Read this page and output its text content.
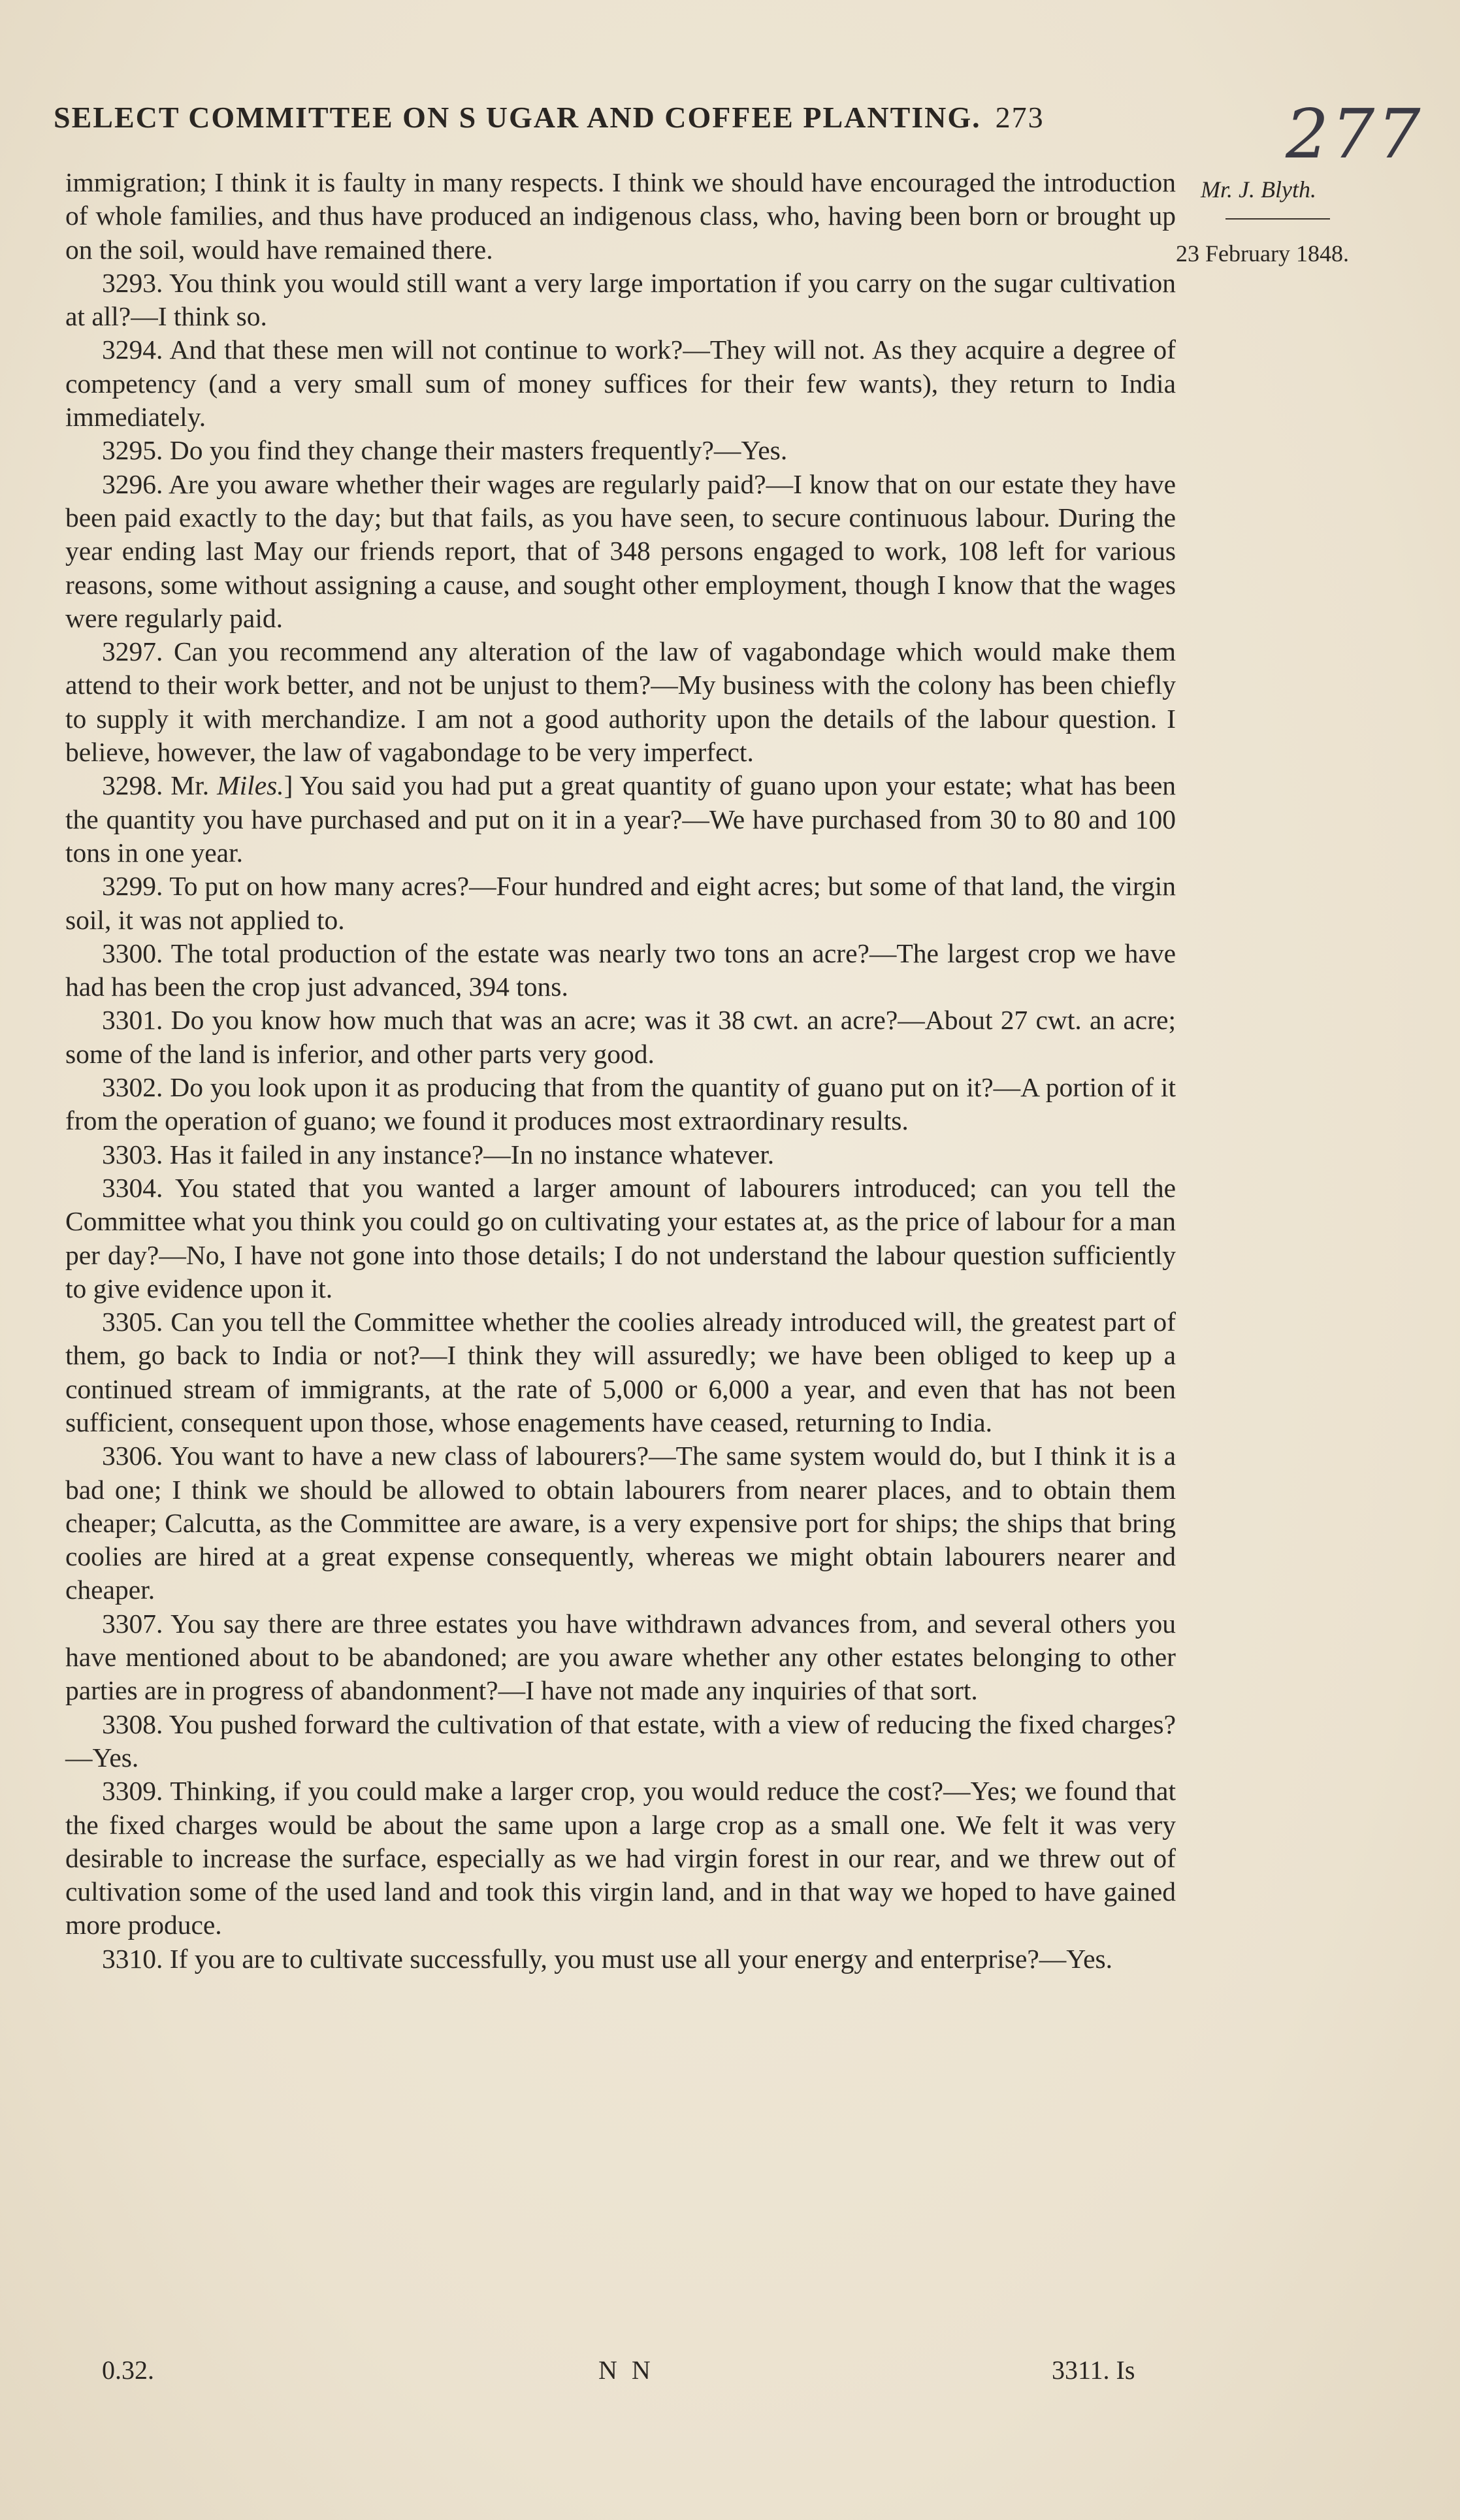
SELECT COMMITTEE ON S UGAR AND COFFEE PLANTING. 273	277
Mr. J. Blyth.
23 February 1848.

immigration; I think it is faulty in many respects. I think we should have encouraged the introduction of whole families, and thus have produced an indigenous class, who, having been born or brought up on the soil, would have remained there.

3293. You think you would still want a very large importation if you carry on the sugar cultivation at all?—I think so.

3294. And that these men will not continue to work?—They will not. As they acquire a degree of competency (and a very small sum of money suffices for their few wants), they return to India immediately.

3295. Do you find they change their masters frequently?—Yes.

3296. Are you aware whether their wages are regularly paid?—I know that on our estate they have been paid exactly to the day; but that fails, as you have seen, to secure continuous labour. During the year ending last May our friends report, that of 348 persons engaged to work, 108 left for various reasons, some without assigning a cause, and sought other employment, though I know that the wages were regularly paid.

3297. Can you recommend any alteration of the law of vagabondage which would make them attend to their work better, and not be unjust to them?—My business with the colony has been chiefly to supply it with merchandize. I am not a good authority upon the details of the labour question. I believe, however, the law of vagabondage to be very imperfect.

3298. Mr. Miles.] You said you had put a great quantity of guano upon your estate; what has been the quantity you have purchased and put on it in a year?—We have purchased from 30 to 80 and 100 tons in one year.

3299. To put on how many acres?—Four hundred and eight acres; but some of that land, the virgin soil, it was not applied to.

3300. The total production of the estate was nearly two tons an acre?—The largest crop we have had has been the crop just advanced, 394 tons.

3301. Do you know how much that was an acre; was it 38 cwt. an acre?—About 27 cwt. an acre; some of the land is inferior, and other parts very good.

3302. Do you look upon it as producing that from the quantity of guano put on it?—A portion of it from the operation of guano; we found it produces most extraordinary results.

3303. Has it failed in any instance?—In no instance whatever.

3304. You stated that you wanted a larger amount of labourers introduced; can you tell the Committee what you think you could go on cultivating your estates at, as the price of labour for a man per day?—No, I have not gone into those details; I do not understand the labour question sufficiently to give evidence upon it.

3305. Can you tell the Committee whether the coolies already introduced will, the greatest part of them, go back to India or not?—I think they will assuredly; we have been obliged to keep up a continued stream of immigrants, at the rate of 5,000 or 6,000 a year, and even that has not been sufficient, consequent upon those, whose enagements have ceased, returning to India.

3306. You want to have a new class of labourers?—The same system would do, but I think it is a bad one; I think we should be allowed to obtain labourers from nearer places, and to obtain them cheaper; Calcutta, as the Committee are aware, is a very expensive port for ships; the ships that bring coolies are hired at a great expense consequently, whereas we might obtain labourers nearer and cheaper.

3307. You say there are three estates you have withdrawn advances from, and several others you have mentioned about to be abandoned; are you aware whether any other estates belonging to other parties are in progress of abandonment?—I have not made any inquiries of that sort.

3308. You pushed forward the cultivation of that estate, with a view of reducing the fixed charges?—Yes.

3309. Thinking, if you could make a larger crop, you would reduce the cost?—Yes; we found that the fixed charges would be about the same upon a large crop as a small one. We felt it was very desirable to increase the surface, especially as we had virgin forest in our rear, and we threw out of cultivation some of the used land and took this virgin land, and in that way we hoped to have gained more produce.

3310. If you are to cultivate successfully, you must use all your energy and enterprise?—Yes.

0.32.	N N	3311. Is
